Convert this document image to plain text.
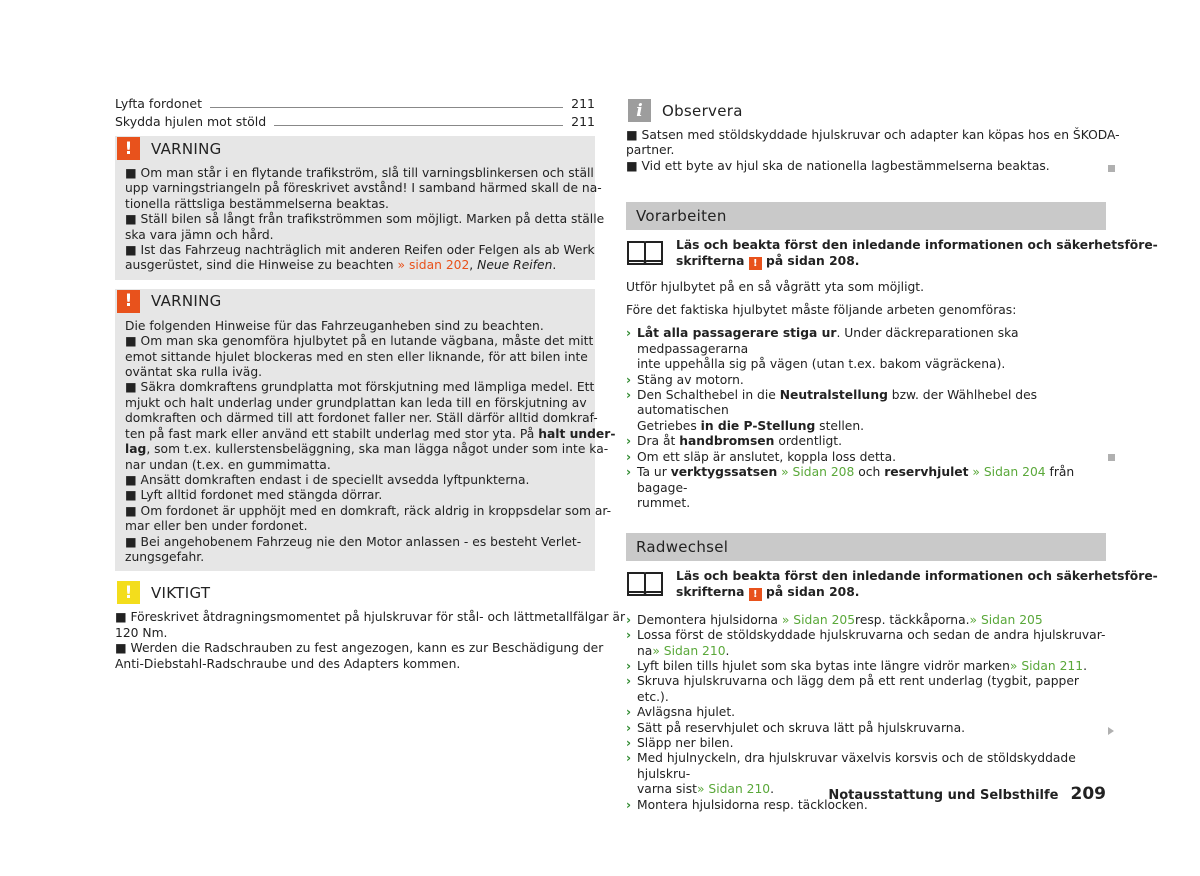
Lyfta fordonet	211
Skydda hjulen mot stöld	211
!	VARNING
■ Om man står i en flytande trafikström, slå till varningsblinkersen och ställ
upp varningstriangeln på föreskrivet avstånd! I samband härmed skall de na-
tionella rättsliga bestämmelserna beaktas.
■ Ställ bilen så långt från trafikströmmen som möjligt. Marken på detta ställe
ska vara jämn och hård.
■ Ist das Fahrzeug nachträglich mit anderen Reifen oder Felgen als ab Werk
ausgerüstet, sind die Hinweise zu beachten » sidan 202, Neue Reifen.
!	VARNING
Die folgenden Hinweise für das Fahrzeuganheben sind zu beachten.
■ Om man ska genomföra hjulbytet på en lutande vägbana, måste det mitt
emot sittande hjulet blockeras med en sten eller liknande, för att bilen inte
oväntat ska rulla iväg.
■ Säkra domkraftens grundplatta mot förskjutning med lämpliga medel. Ett
mjukt och halt underlag under grundplattan kan leda till en förskjutning av
domkraften och därmed till att fordonet faller ner. Ställ därför alltid domkraf-
ten på fast mark eller använd ett stabilt underlag med stor yta. På halt under-
lag, som t.ex. kullerstensbeläggning, ska man lägga något under som inte ka-
nar undan (t.ex. en gummimatta.
■ Ansätt domkraften endast i de speciellt avsedda lyftpunkterna.
■ Lyft alltid fordonet med stängda dörrar.
■ Om fordonet är upphöjt med en domkraft, räck aldrig in kroppsdelar som ar-
mar eller ben under fordonet.
■ Bei angehobenem Fahrzeug nie den Motor anlassen - es besteht Verlet-
zungsgefahr.
!	VIKTIGT
■ Föreskrivet åtdragningsmomentet på hjulskruvar för stål- och lättmetallfälgar är
120 Nm.
■ Werden die Radschrauben zu fest angezogen, kann es zur Beschädigung der
Anti-Diebstahl-Radschraube und des Adapters kommen.
i	Observera
■ Satsen med stöldskyddade hjulskruvar och adapter kan köpas hos en ŠKODA-
partner.
■ Vid ett byte av hjul ska de nationella lagbestämmelserna beaktas.
Vorarbeiten
Läs och beakta först den inledande informationen och säkerhetsföre-
skrifterna ! på sidan 208.
Utför hjulbytet på en så vågrätt yta som möjligt.
Före det faktiska hjulbytet måste följande arbeten genomföras:
› Låt alla passagerare stiga ur. Under däckreparationen ska medpassagerarna
inte uppehålla sig på vägen (utan t.ex. bakom vägräckena).
› Stäng av motorn.
› Den Schalthebel in die Neutralstellung bzw. der Wählhebel des automatischen
Getriebes in die P-Stellung stellen.
› Dra åt handbromsen ordentligt.
› Om ett släp är anslutet, koppla loss detta.
› Ta ur verktygssatsen » Sidan 208 och reservhjulet » Sidan 204 från bagage-
rummet.
Radwechsel
Läs och beakta först den inledande informationen och säkerhetsföre-
skrifterna ! på sidan 208.
› Demontera hjulsidorna » Sidan 205resp. täckkåporna.» Sidan 205
› Lossa först de stöldskyddade hjulskruvarna och sedan de andra hjulskruvar-
na» Sidan 210.
› Lyft bilen tills hjulet som ska bytas inte längre vidrör marken» Sidan 211.
› Skruva hjulskruvarna och lägg dem på ett rent underlag (tygbit, papper etc.).
› Avlägsna hjulet.
› Sätt på reservhjulet och skruva lätt på hjulskruvarna.
› Släpp ner bilen.
› Med hjulnyckeln, dra hjulskruvar växelvis korsvis och de stöldskyddade hjulskru-
varna sist» Sidan 210.
› Montera hjulsidorna resp. täcklocken.
Notausstattung und Selbsthilfe 209
